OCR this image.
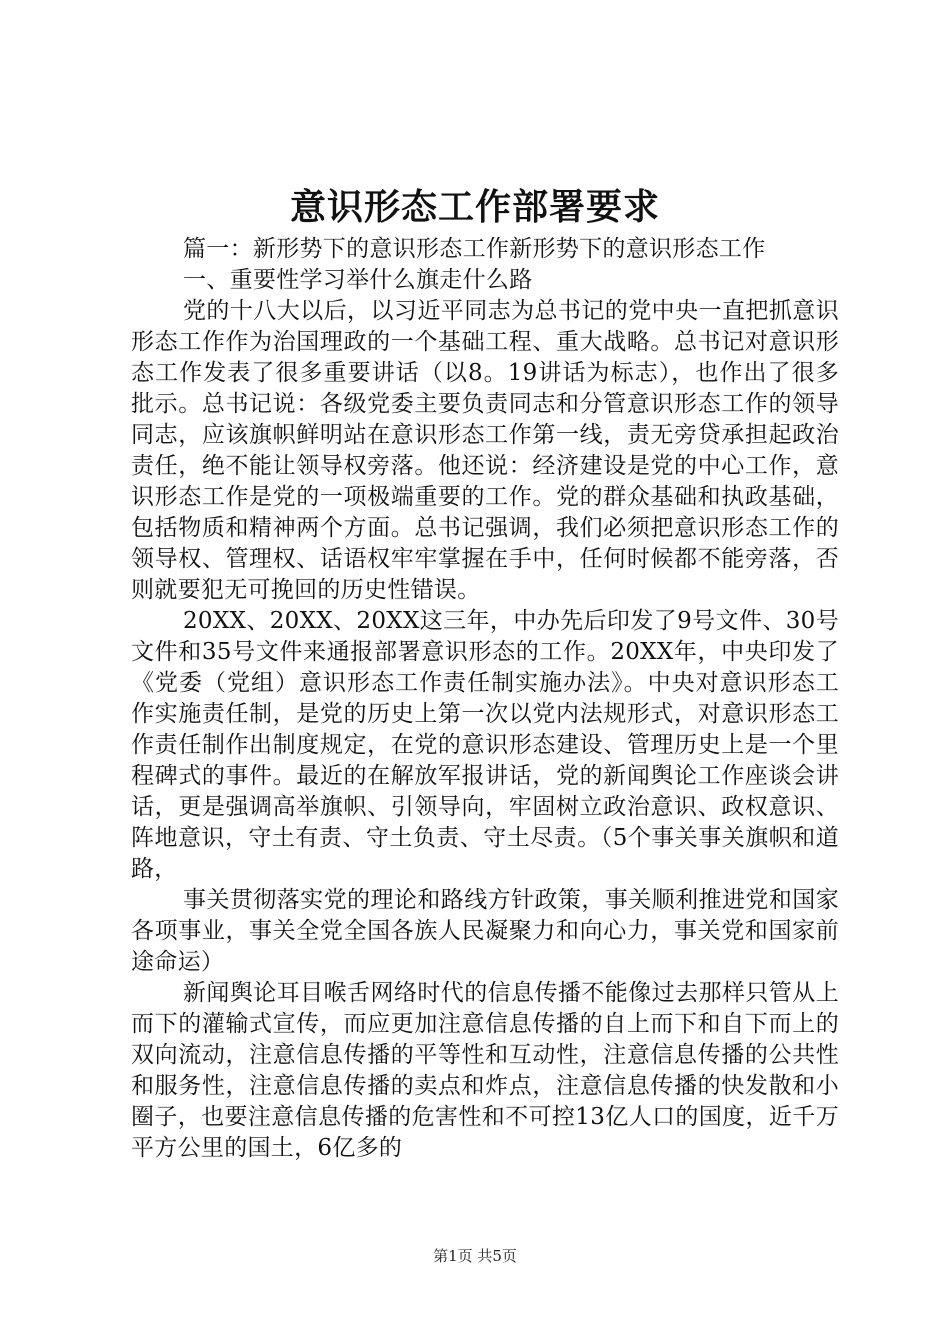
意识形态工作部署要求

篇一：新形势下的意识形态工作新形势下的意识形态工作

一、重要性学习举什么旗走什么路

党的十八大以后，以习近平同志为总书记的党中央一直把抓意识形态工作作为治国理政的一个基础工程、重大战略。总书记对意识形态工作发表了很多重要讲话（以8。19讲话为标志），也作出了很多批示。总书记说：各级党委主要负责同志和分管意识形态工作的领导同志，应该旗帜鲜明站在意识形态工作第一线，责无旁贷承担起政治责任，绝不能让领导权旁落。他还说：经济建设是党的中心工作，意识形态工作是党的一项极端重要的工作。党的群众基础和执政基础，包括物质和精神两个方面。总书记强调，我们必须把意识形态工作的领导权、管理权、话语权牢牢掌握在手中，任何时候都不能旁落，否则就要犯无可挽回的历史性错误。

20XX、20XX、20XX这三年，中办先后印发了9号文件、30号文件和35号文件来通报部署意识形态的工作。20XX年，中央印发了《党委（党组）意识形态工作责任制实施办法》。中央对意识形态工作实施责任制，是党的历史上第一次以党内法规形式，对意识形态工作责任制作出制度规定，在党的意识形态建设、管理历史上是一个里程碑式的事件。最近的在解放军报讲话，党的新闻舆论工作座谈会讲话，更是强调高举旗帜、引领导向，牢固树立政治意识、政权意识、阵地意识，守土有责、守土负责、守土尽责。（5个事关事关旗帜和道路，

事关贯彻落实党的理论和路线方针政策，事关顺利推进党和国家各项事业，事关全党全国各族人民凝聚力和向心力，事关党和国家前途命运）

新闻舆论耳目喉舌网络时代的信息传播不能像过去那样只管从上而下的灌输式宣传，而应更加注意信息传播的自上而下和自下而上的双向流动，注意信息传播的平等性和互动性，注意信息传播的公共性和服务性，注意信息传播的卖点和炸点，注意信息传播的快发散和小圈子，也要注意信息传播的危害性和不可控13亿人口的国度，近千万平方公里的国土，6亿多的

第1页 共5页
